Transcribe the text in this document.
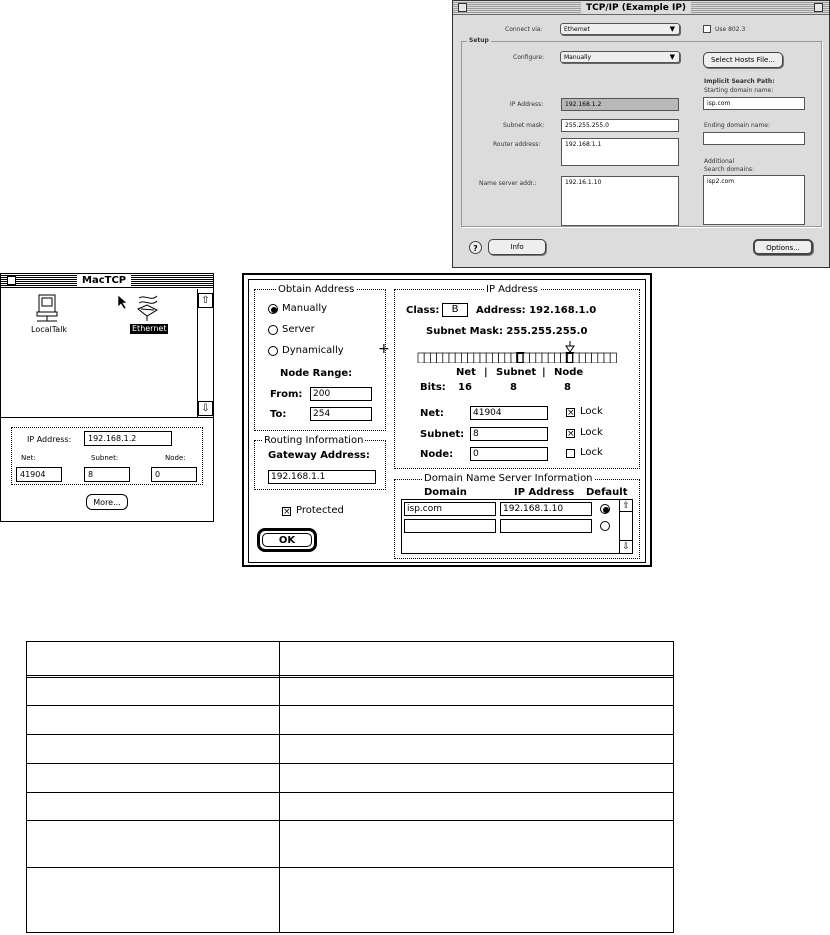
TCP/IP (Example IP)
Connect via:	Ethernet	▼	Use 802.3
Setup
Configure:	Manually	▼	Select Hosts File...
Implicit Search Path:
Starting domain name:
isp.com
IP Address:	192.168.1.2
Subnet mask:	255.255.255.0	Ending domain name:
Router address:	192.168.1.1
Additional
Search domains:
Name server addr.:	192.16.1.10	isp2.com
?	Info	Options...
MacTCP
LocalTalk	Ethernet
⇧
⇩
IP Address:	192.168.1.2
Net:	Subnet:	Node:
41904	8	0
More...
Obtain Address
Manually
Server
Dynamically
Node Range:
From:	200
To:	254
+
Routing Information
Gateway Address:
192.168.1.1
× Protected
OK
IP Address
Class:	B	Address: 192.168.1.0
Subnet Mask: 255.255.255.0
Net | Subnet | Node
Bits: 16	8	8
Net:	41904	× Lock
Subnet: 8	× Lock
Node:	0	Lock
Domain Name Server Information
Domain	IP Address Default
isp.com	192.168.1.10	⇧
⇩
